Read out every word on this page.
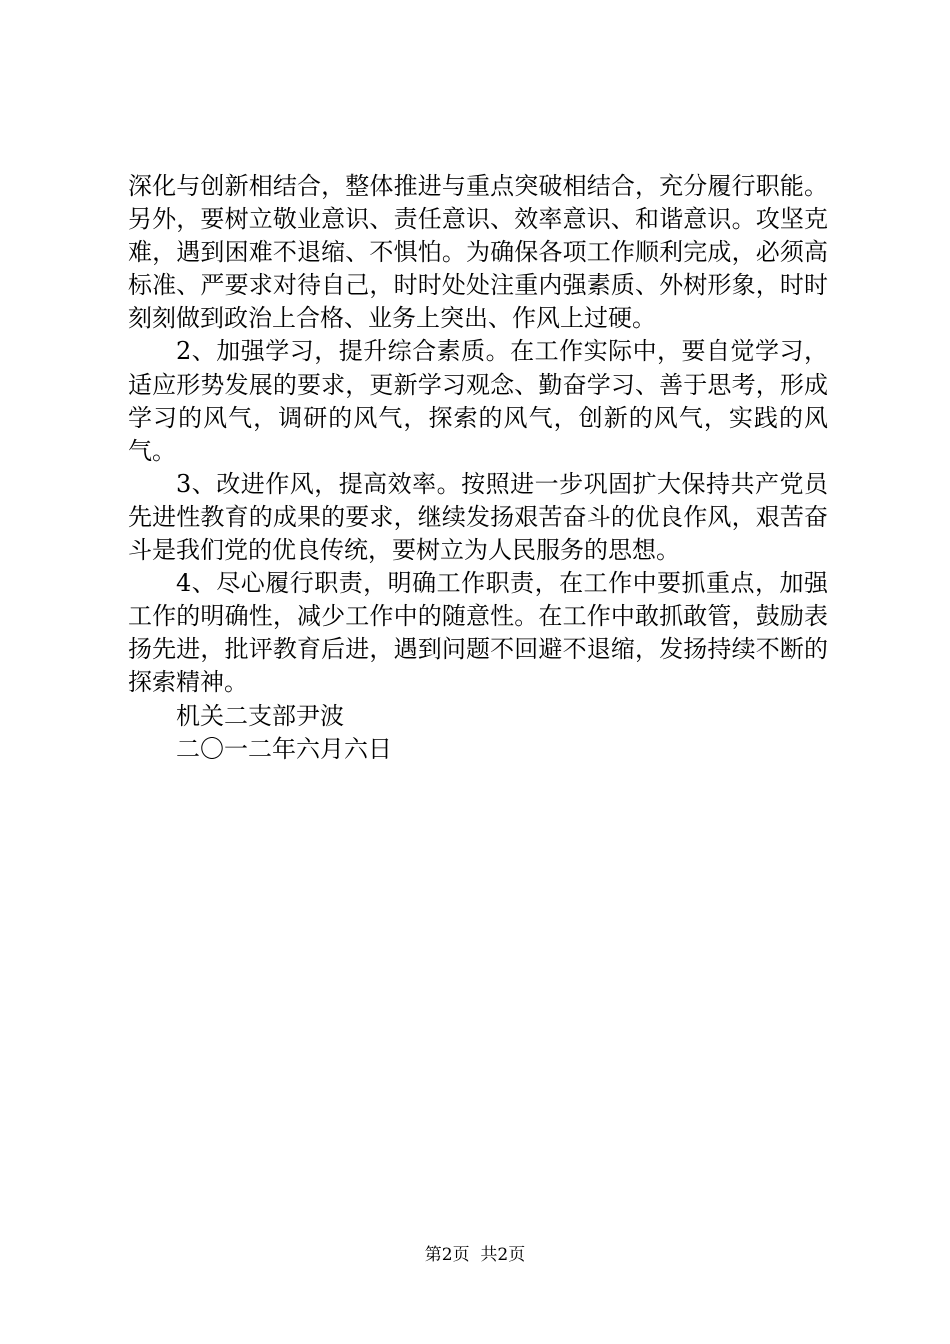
深化与创新相结合，整体推进与重点突破相结合，充分履行职能。另外，要树立敬业意识、责任意识、效率意识、和谐意识。攻坚克难，遇到困难不退缩、不惧怕。为确保各项工作顺利完成，必须高标准、严要求对待自己，时时处处注重内强素质、外树形象，时时刻刻做到政治上合格、业务上突出、作风上过硬。

2、加强学习，提升综合素质。在工作实际中，要自觉学习，适应形势发展的要求，更新学习观念、勤奋学习、善于思考，形成学习的风气，调研的风气，探索的风气，创新的风气，实践的风气。

3、改进作风，提高效率。按照进一步巩固扩大保持共产党员先进性教育的成果的要求，继续发扬艰苦奋斗的优良作风，艰苦奋斗是我们党的优良传统，要树立为人民服务的思想。

4、尽心履行职责，明确工作职责，在工作中要抓重点，加强工作的明确性，减少工作中的随意性。在工作中敢抓敢管，鼓励表扬先进，批评教育后进，遇到问题不回避不退缩，发扬持续不断的探索精神。

机关二支部尹波

二〇一二年六月六日

第2页  共2页
